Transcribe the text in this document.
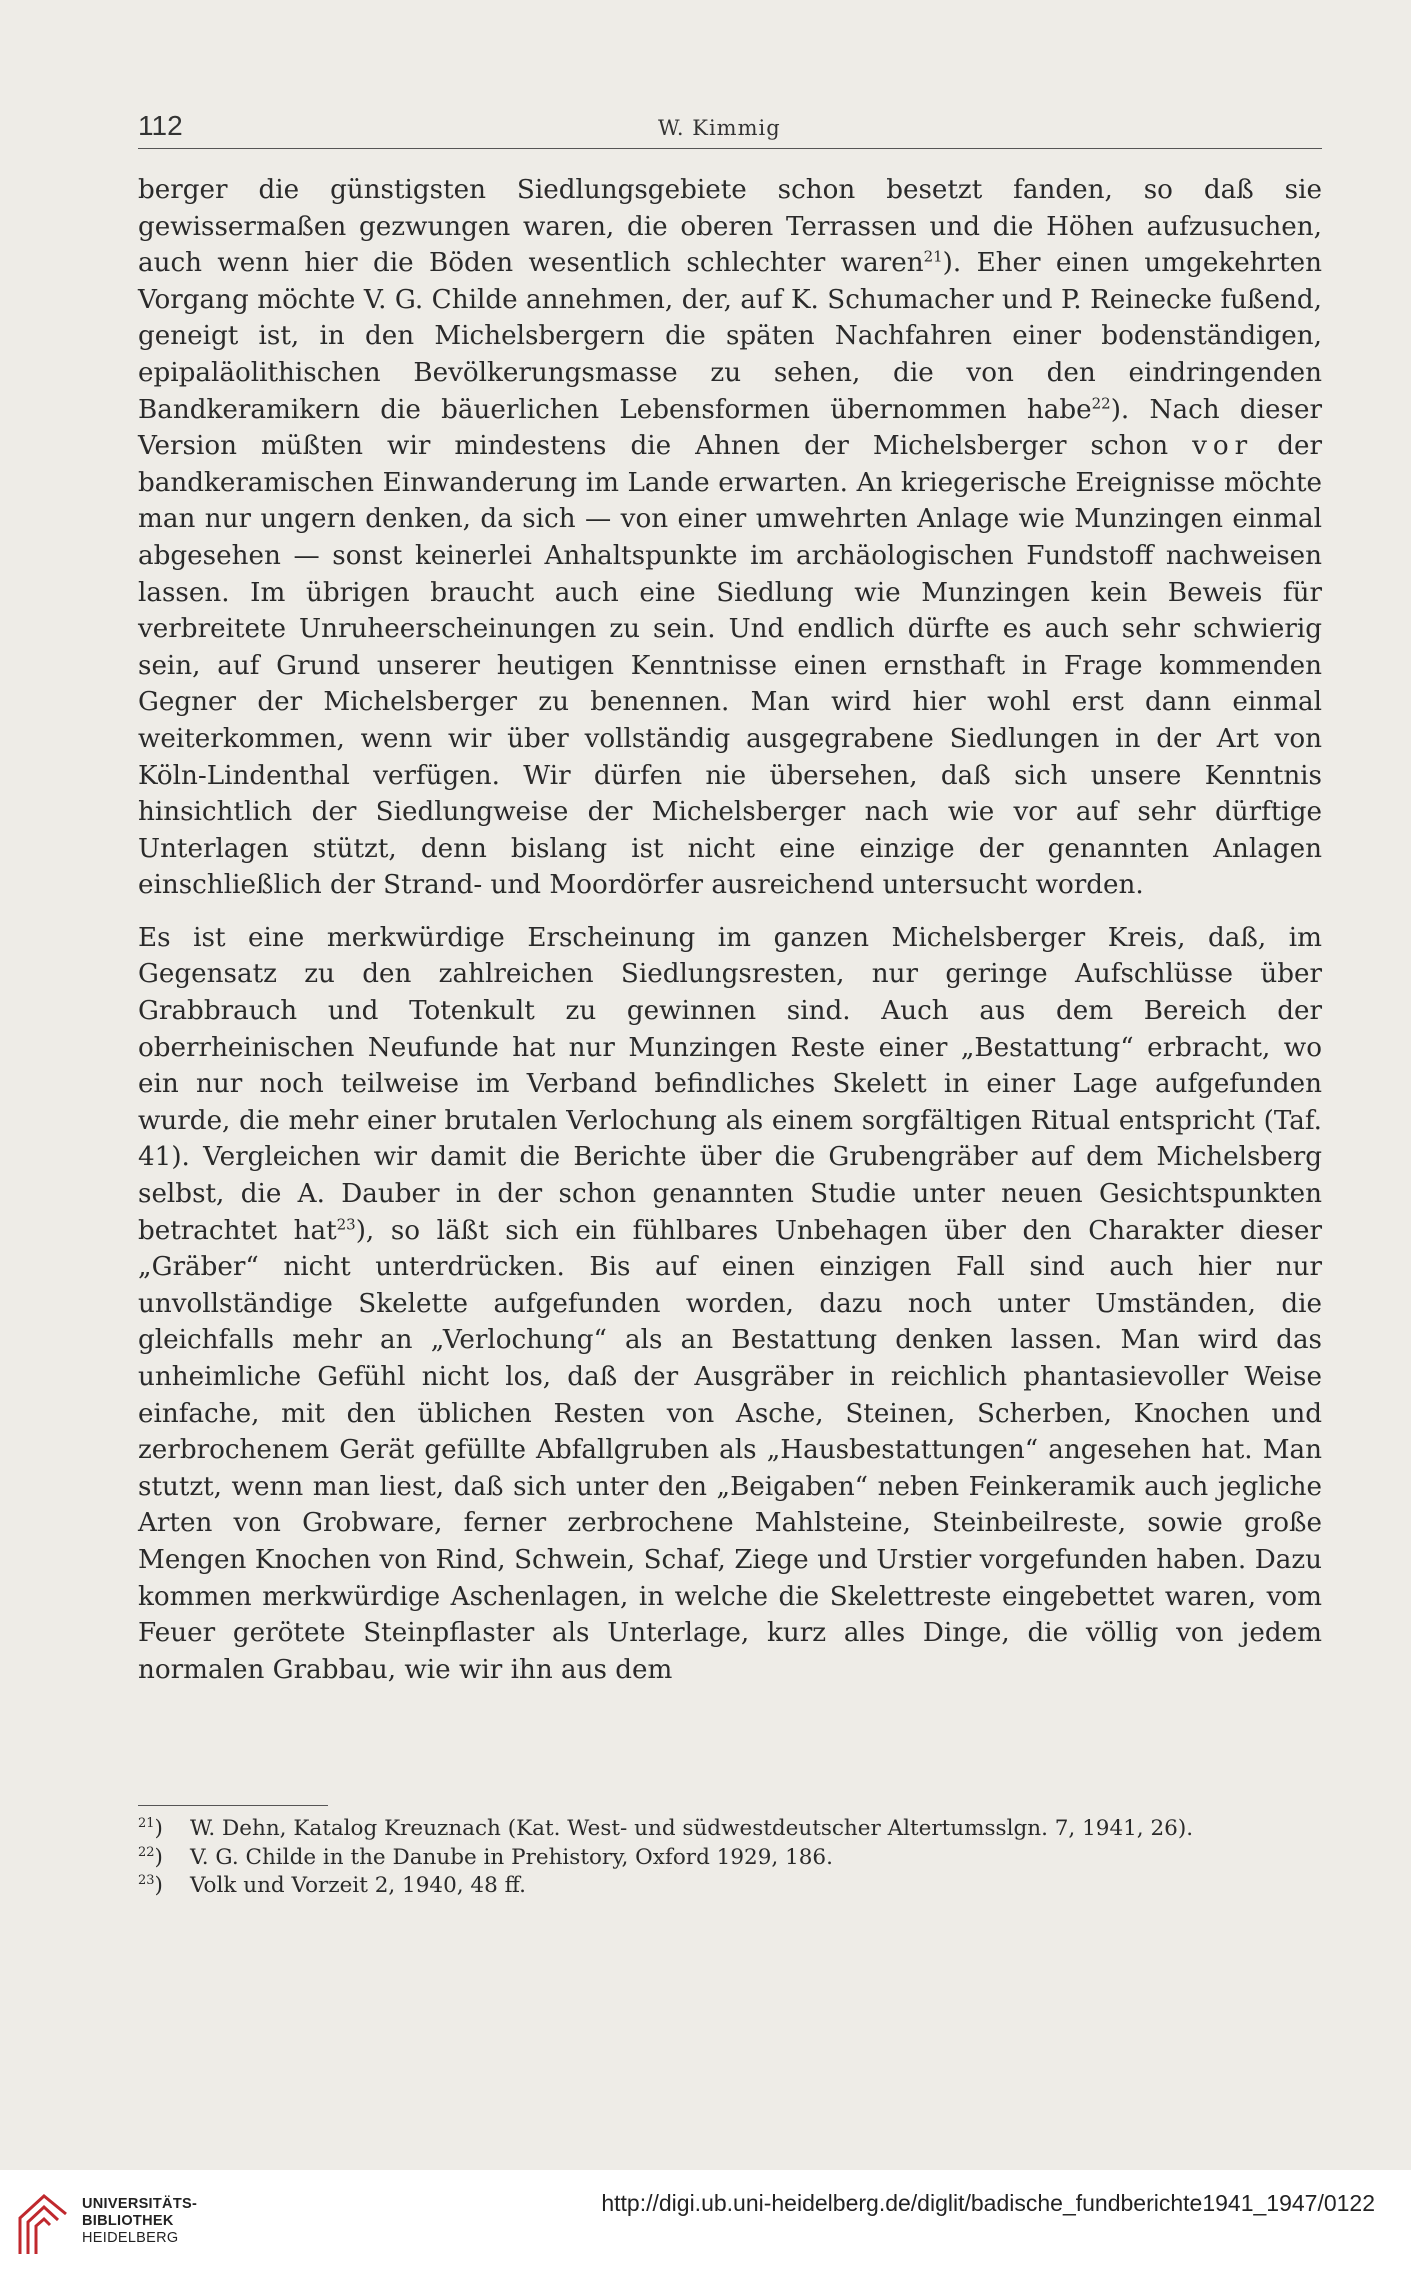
112	W. Kimmig

berger die günstigsten Siedlungsgebiete schon besetzt fanden, so daß sie gewissermaßen gezwungen waren, die oberen Terrassen und die Höhen aufzusuchen, auch wenn hier die Böden wesentlich schlechter waren$^{21}$). Eher einen umgekehrten Vorgang möchte V. G. Childe annehmen, der, auf K. Schumacher und P. Reinecke fußend, geneigt ist, in den Michelsbergern die späten Nachfahren einer bodenständigen, epipaläolithischen Bevölkerungsmasse zu sehen, die von den eindringenden Bandkeramikern die bäuerlichen Lebensformen übernommen habe$^{22}$). Nach dieser Version müßten wir mindestens die Ahnen der Michelsberger schon vor der bandkeramischen Einwanderung im Lande erwarten. An kriegerische Ereignisse möchte man nur ungern denken, da sich — von einer umwehrten Anlage wie Munzingen einmal abgesehen — sonst keinerlei Anhaltspunkte im archäologischen Fundstoff nachweisen lassen. Im übrigen braucht auch eine Siedlung wie Munzingen kein Beweis für verbreitete Unruheerscheinungen zu sein. Und endlich dürfte es auch sehr schwierig sein, auf Grund unserer heutigen Kenntnisse einen ernsthaft in Frage kommenden Gegner der Michelsberger zu benennen. Man wird hier wohl erst dann einmal weiterkommen, wenn wir über vollständig ausgegrabene Siedlungen in der Art von Köln-Lindenthal verfügen. Wir dürfen nie übersehen, daß sich unsere Kenntnis hinsichtlich der Siedlungweise der Michelsberger nach wie vor auf sehr dürftige Unterlagen stützt, denn bislang ist nicht eine einzige der genannten Anlagen einschließlich der Strand- und Moordörfer ausreichend untersucht worden.

Es ist eine merkwürdige Erscheinung im ganzen Michelsberger Kreis, daß, im Gegensatz zu den zahlreichen Siedlungsresten, nur geringe Aufschlüsse über Grabbrauch und Totenkult zu gewinnen sind. Auch aus dem Bereich der oberrheinischen Neufunde hat nur Munzingen Reste einer „Bestattung“ erbracht, wo ein nur noch teilweise im Verband befindliches Skelett in einer Lage aufgefunden wurde, die mehr einer brutalen Verlochung als einem sorgfältigen Ritual entspricht (Taf. 41). Vergleichen wir damit die Berichte über die Grubengräber auf dem Michelsberg selbst, die A. Dauber in der schon genannten Studie unter neuen Gesichtspunkten betrachtet hat$^{23}$), so läßt sich ein fühlbares Unbehagen über den Charakter dieser „Gräber“ nicht unterdrücken. Bis auf einen einzigen Fall sind auch hier nur unvollständige Skelette aufgefunden worden, dazu noch unter Umständen, die gleichfalls mehr an „Verlochung“ als an Bestattung denken lassen. Man wird das unheimliche Gefühl nicht los, daß der Ausgräber in reichlich phantasievoller Weise einfache, mit den üblichen Resten von Asche, Steinen, Scherben, Knochen und zerbrochenem Gerät gefüllte Abfallgruben als „Hausbestattungen“ angesehen hat. Man stutzt, wenn man liest, daß sich unter den „Beigaben“ neben Feinkeramik auch jegliche Arten von Grobware, ferner zerbrochene Mahlsteine, Steinbeilreste, sowie große Mengen Knochen von Rind, Schwein, Schaf, Ziege und Urstier vorgefunden haben. Dazu kommen merkwürdige Aschenlagen, in welche die Skelettreste eingebettet waren, vom Feuer gerötete Steinpflaster als Unterlage, kurz alles Dinge, die völlig von jedem normalen Grabbau, wie wir ihn aus dem

$^{21}$)	W. Dehn, Katalog Kreuznach (Kat. West- und südwestdeutscher Altertumsslgn. 7, 1941, 26).
$^{22}$)	V. G. Childe in the Danube in Prehistory, Oxford 1929, 186.
$^{23}$)	Volk und Vorzeit 2, 1940, 48 ff.
UNIVERSITÄTS-
BIBLIOTHEK
HEIDELBERG
http://digi.ub.uni-heidelberg.de/diglit/badische_fundberichte1941_1947/0122
